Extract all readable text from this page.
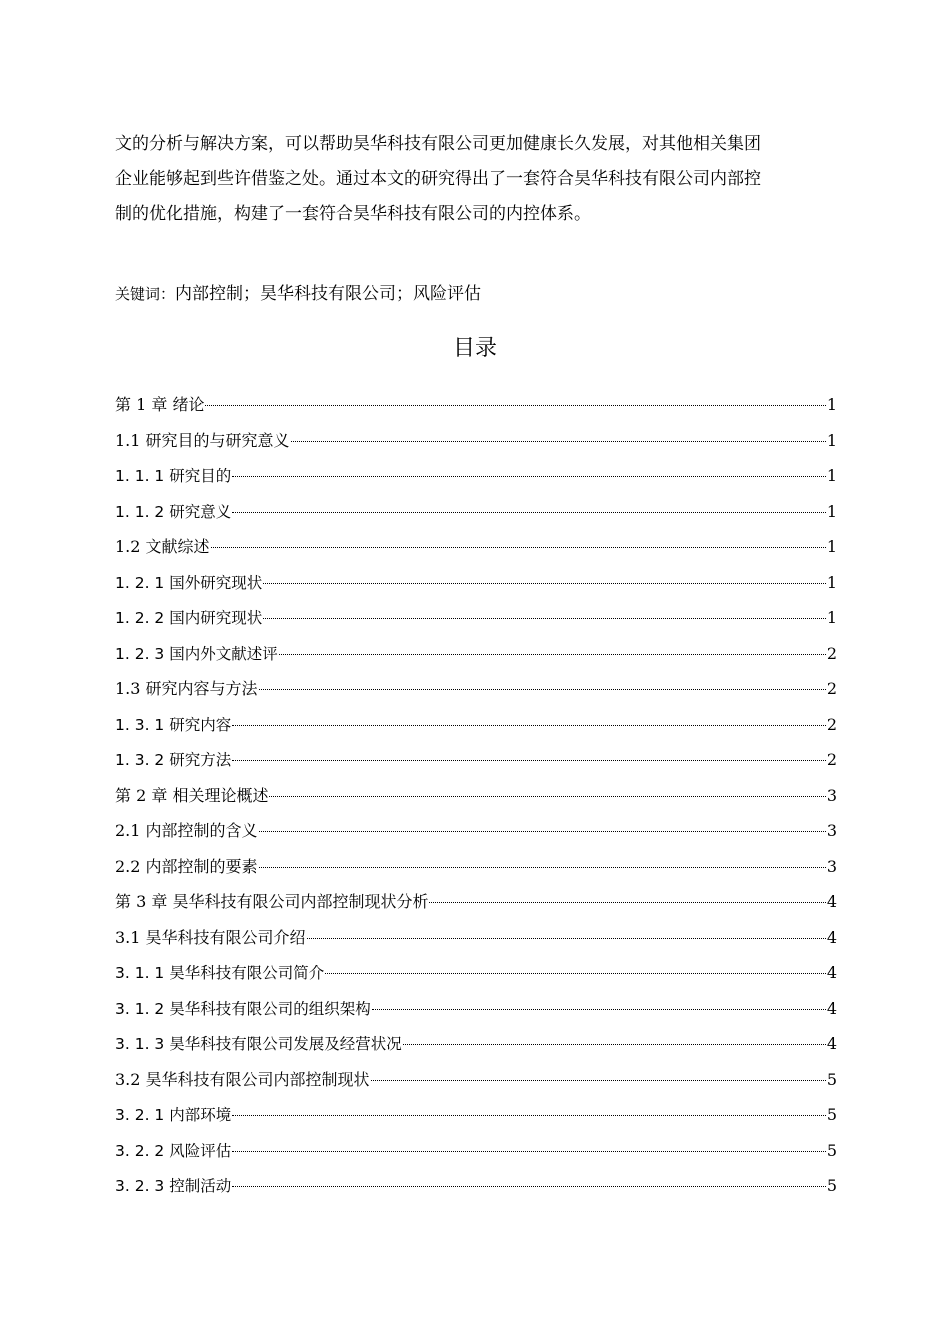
文的分析与解决方案，可以帮助昊华科技有限公司更加健康长久发展，对其他相关集团
企业能够起到些许借鉴之处。通过本文的研究得出了一套符合昊华科技有限公司内部控
制的优化措施，构建了一套符合昊华科技有限公司的内控体系。

关键词：内部控制；昊华科技有限公司；风险评估

目录
第 1 章 绪论	1
1.1 研究目的与研究意义	1
1. 1. 1 研究目的	1
1. 1. 2 研究意义	1
1.2 文献综述	1
1. 2. 1 国外研究现状	1
1. 2. 2 国内研究现状	1
1. 2. 3 国内外文献述评	2
1.3 研究内容与方法	2
1. 3. 1 研究内容	2
1. 3. 2 研究方法	2
第 2 章 相关理论概述	3
2.1 内部控制的含义	3
2.2 内部控制的要素	3
第 3 章 昊华科技有限公司内部控制现状分析	4
3.1 昊华科技有限公司介绍	4
3. 1. 1 昊华科技有限公司简介	4
3. 1. 2 昊华科技有限公司的组织架构	4
3. 1. 3 昊华科技有限公司发展及经营状况	4
3.2 昊华科技有限公司内部控制现状	5
3. 2. 1 内部环境	5
3. 2. 2 风险评估	5
3. 2. 3 控制活动	5
